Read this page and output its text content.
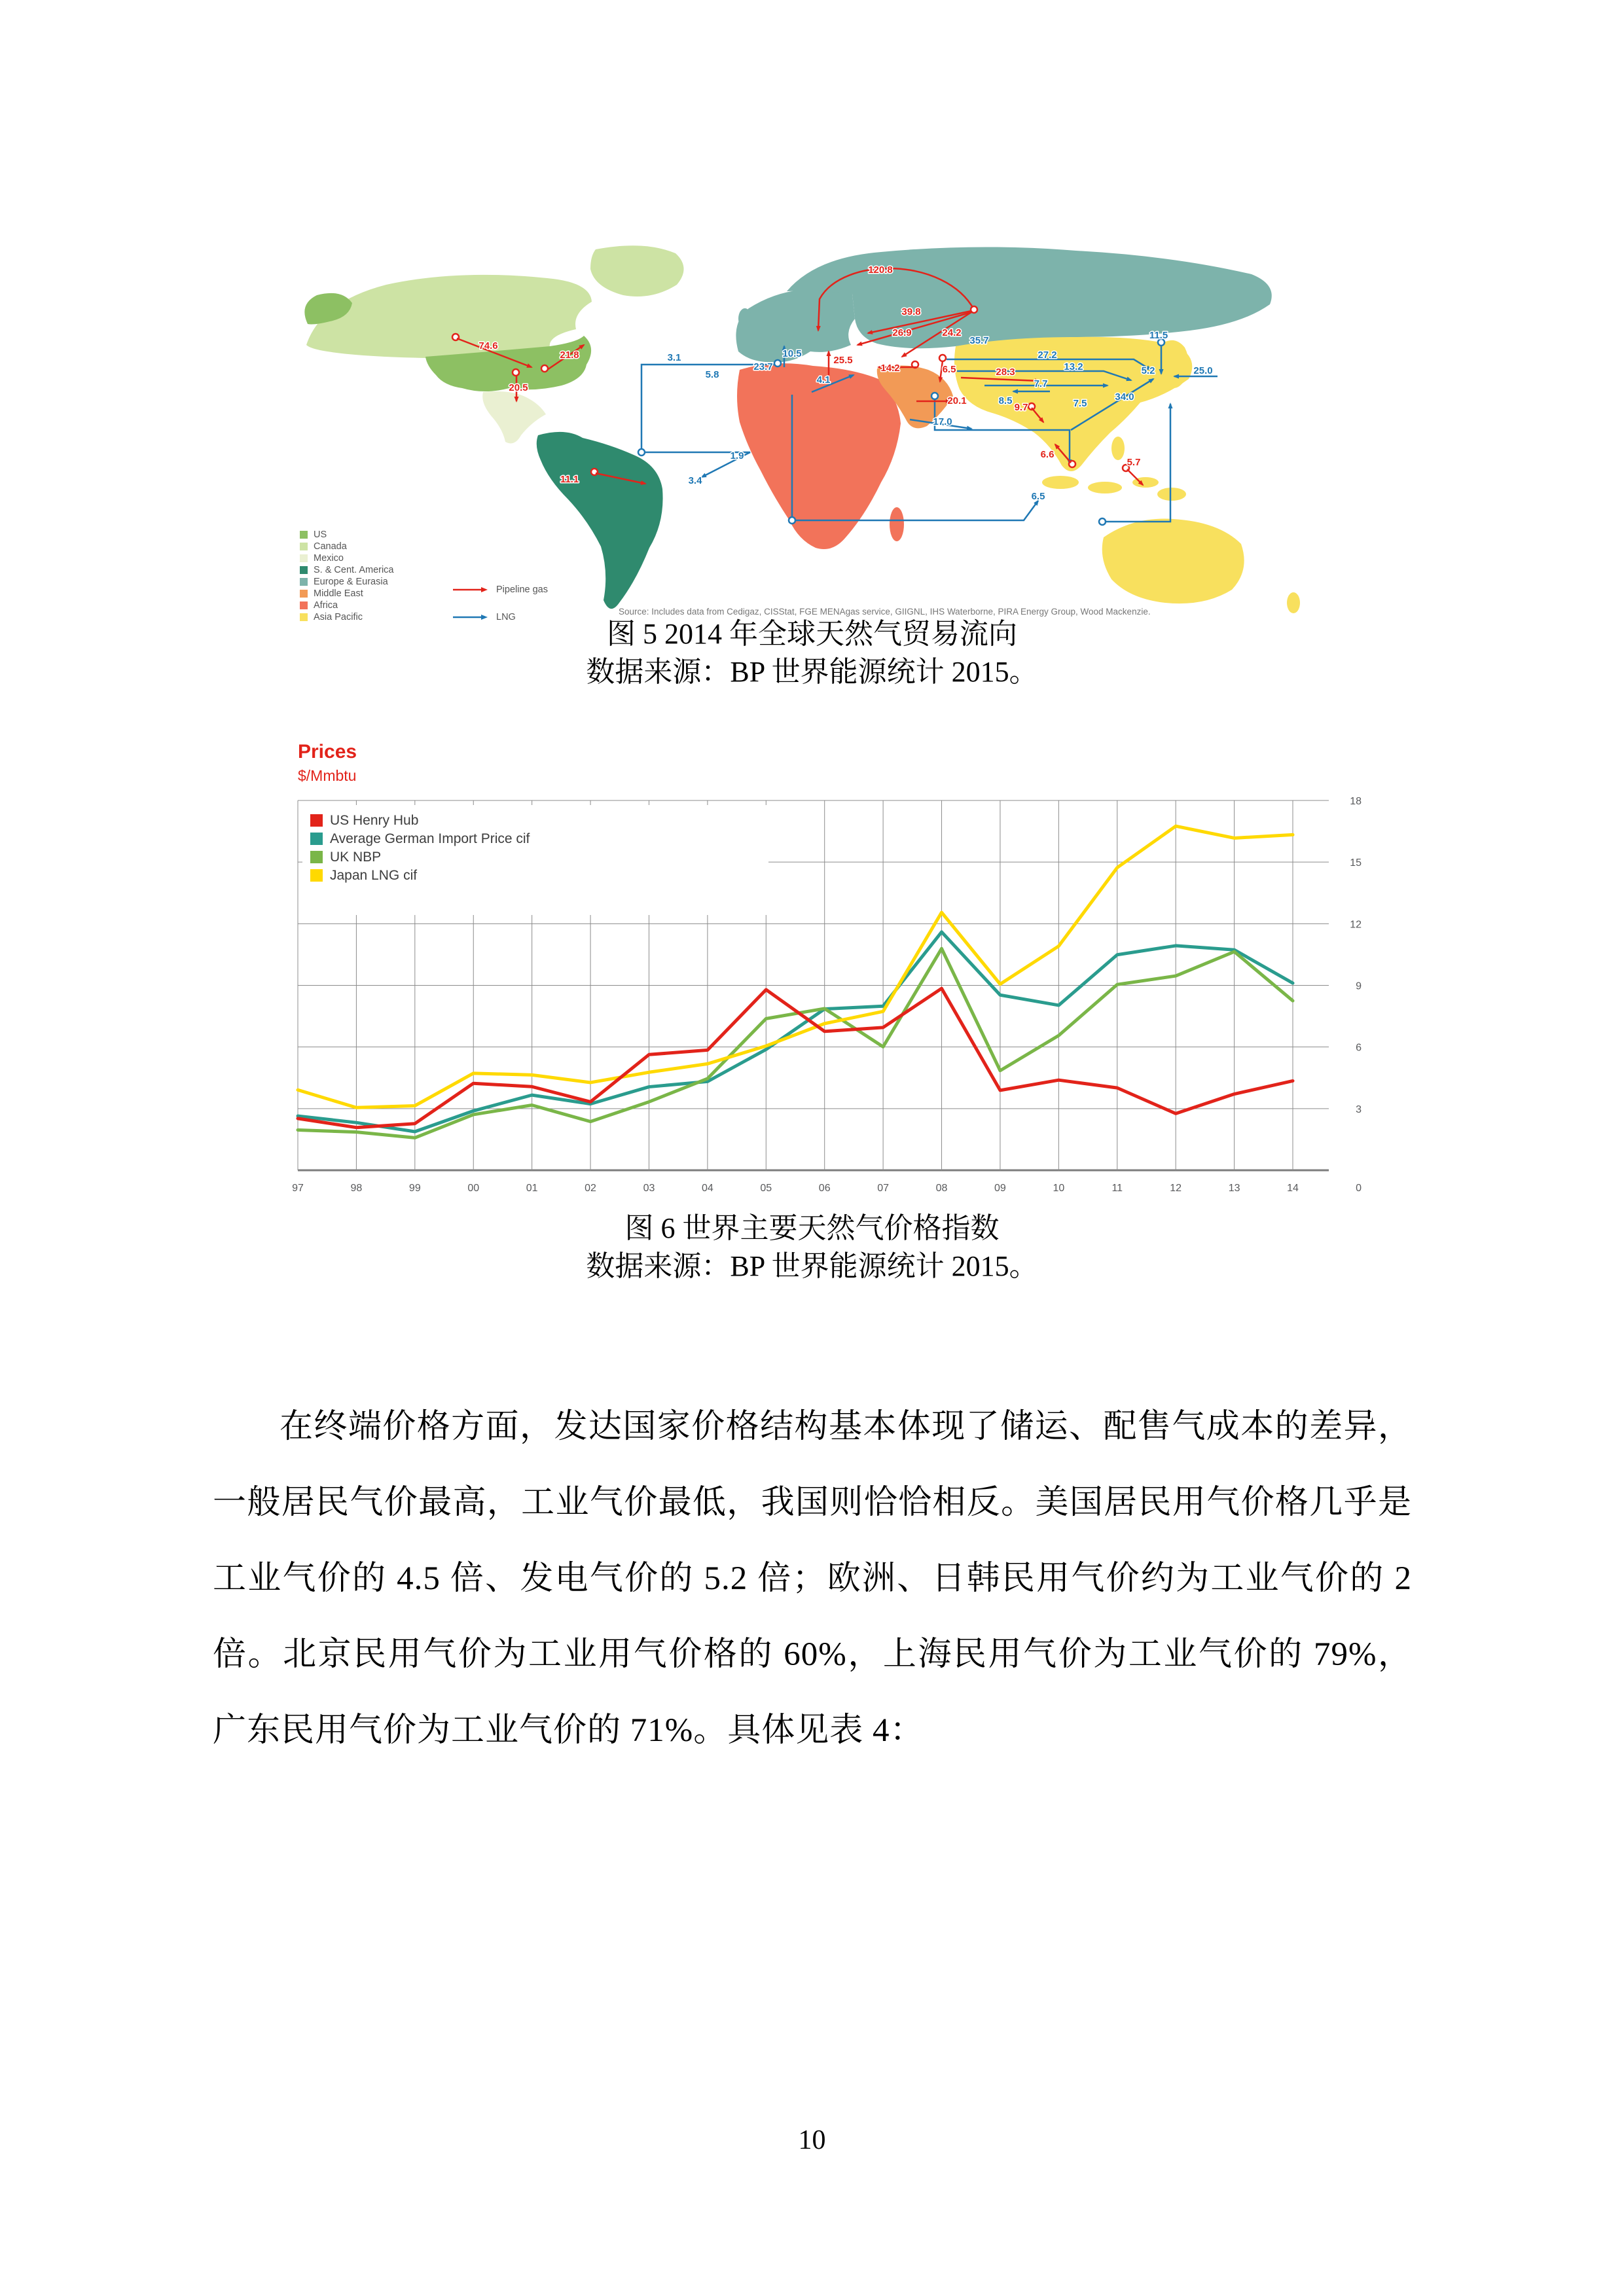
74.6
21.8
20.5
11.1
120.8
39.8
26.9	24.2
25.5
14.2	6.5	28.3
20.1
9.7
6.6
5.7
3.1
5.8
10.5
23.7
4.1
35.7
27.2
13.2
11.5
5.2	25.0
7.7
8.5	7.5
34.0
17.0
1.9
3.4
6.5
US
Canada
Mexico
S. & Cent. America
Europe & Eurasia
Middle East
Africa
Asia Pacific
Pipeline gas
LNG
Source: Includes data from Cedigaz, CISStat, FGE MENAgas service, GIIGNL, IHS Waterborne, PIRA Energy Group, Wood Mackenzie.
图 5 2014 年全球天然气贸易流向
数据来源：BP 世界能源统计 2015。
Prices
$/Mmbtu
US Henry Hub
Average German Import Price cif
UK NBP
Japan LNG cif
3
6
9
12
15
18
97	98	99	00	01	02	03	04	05	06	07	08	09	10	11	12	13	14	0
图 6 世界主要天然气价格指数
数据来源：BP 世界能源统计 2015。
在终端价格方面，发达国家价格结构基本体现了储运、配售气成本的差异，一般居民气价最高，工业气价最低，我国则恰恰相反。美国居民用气价格几乎是工业气价的 4.5 倍、发电气价的 5.2 倍；欧洲、日韩民用气价约为工业气价的 2 倍。北京民用气价为工业用气价格的 60%，上海民用气价为工业气价的 79%，广东民用气价为工业气价的 71%。具体见表 4：
10
